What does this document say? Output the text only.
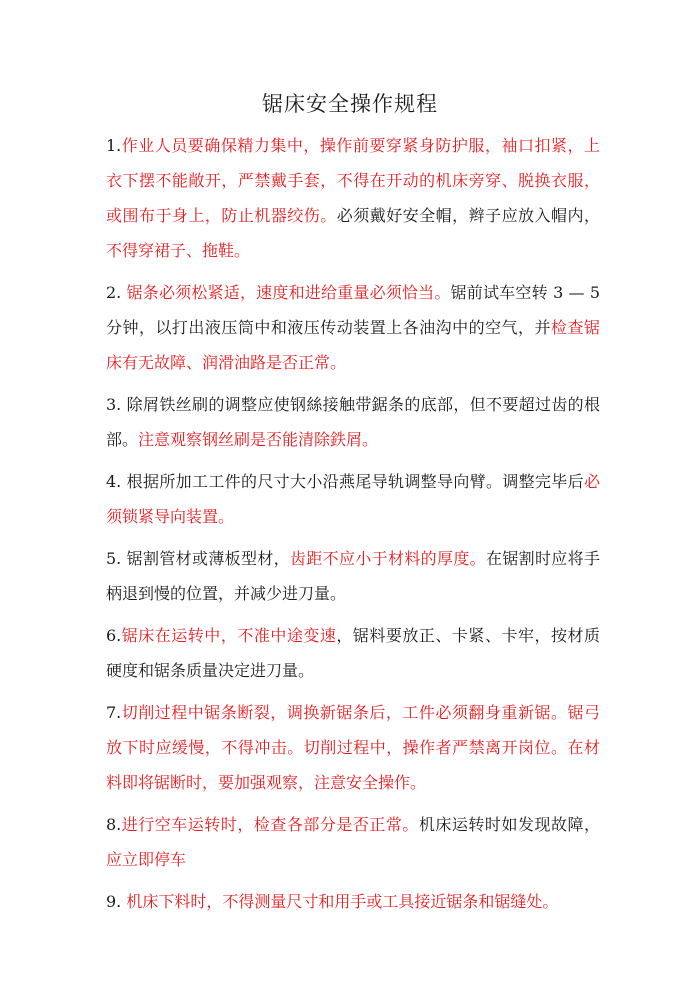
锯床安全操作规程

1.作业人员要确保精力集中，操作前要穿紧身防护服，袖口扣紧，上衣下摆不能敞开，严禁戴手套，不得在开动的机床旁穿、脱换衣服，或围布于身上，防止机器绞伤。必须戴好安全帽，辫子应放入帽内，不得穿裙子、拖鞋。

2. 锯条必须松紧适，速度和进给重量必须恰当。锯前试车空转 3 — 5 分钟，以打出液压筒中和液压传动装置上各油沟中的空气，并检查锯床有无故障、润滑油路是否正常。

3. 除屑铁丝刷的调整应使钢絲接触带鋸条的底部，但不要超过齿的根部。注意观察钢丝刷是否能清除鉄屑。

4. 根据所加工工件的尺寸大小沿燕尾导轨调整导向臂。调整完毕后必须锁紧导向装置。

5. 锯割管材或薄板型材，齿距不应小于材料的厚度。在锯割时应将手柄退到慢的位置，并减少进刀量。

6.锯床在运转中，不准中途变速，锯料要放正、卡紧、卡牢，按材质硬度和锯条质量决定进刀量。

7.切削过程中锯条断裂，调换新锯条后，工件必须翻身重新锯。锯弓放下时应缓慢，不得冲击。切削过程中，操作者严禁离开岗位。在材料即将锯断时，要加强观察，注意安全操作。

8.进行空车运转时，检查各部分是否正常。机床运转时如发现故障，应立即停车

9. 机床下料时，不得测量尺寸和用手或工具接近锯条和锯缝处。
